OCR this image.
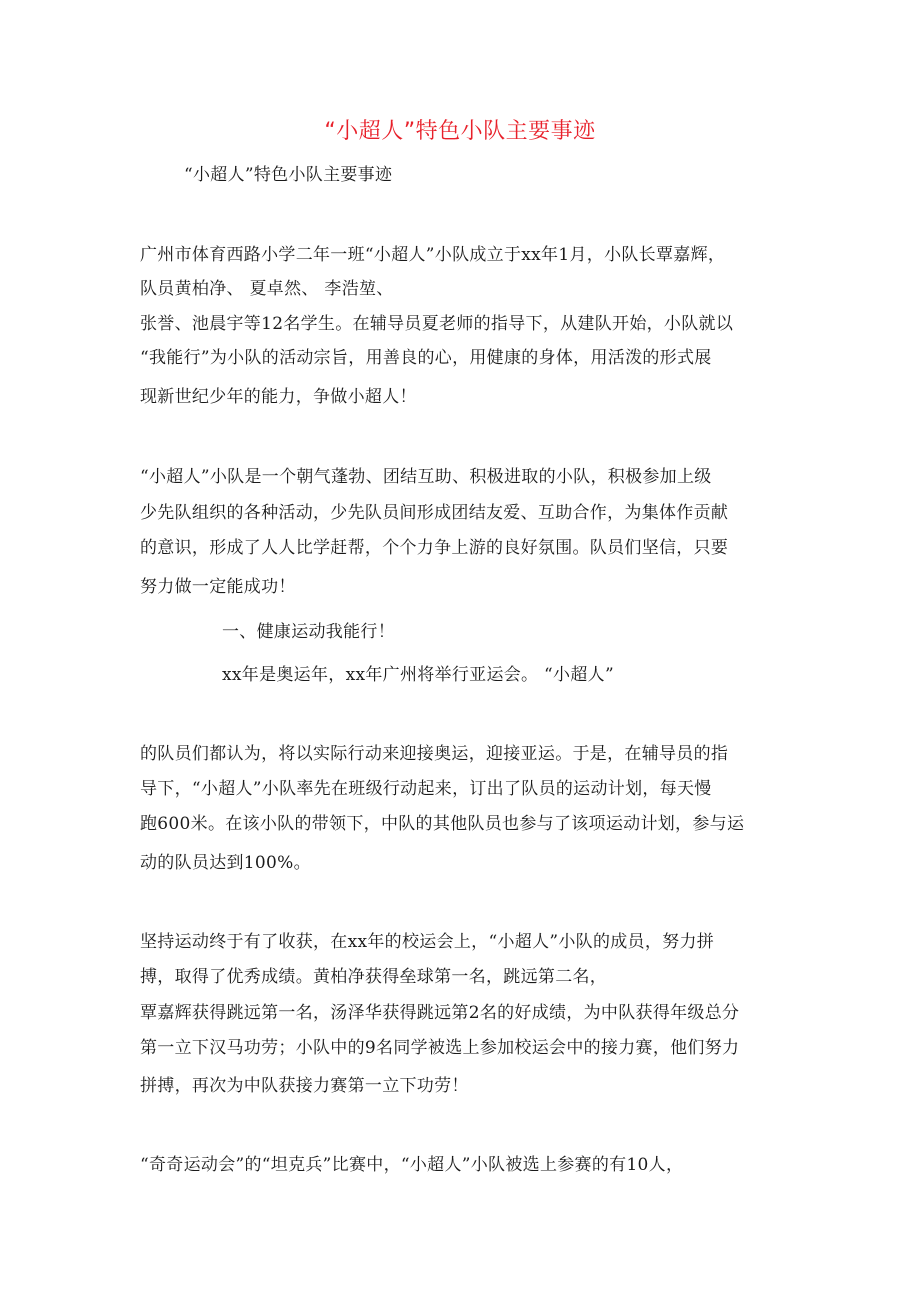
“小超人”特色小队主要事迹
“小超人”特色小队主要事迹
广州市体育西路小学二年一班“小超人”小队成立于xx年1月，小队长覃嘉辉，
队员黄柏净、 夏卓然、 李浩堃、
张誉、池晨宇等12名学生。在辅导员夏老师的指导下，从建队开始，小队就以
“我能行”为小队的活动宗旨，用善良的心，用健康的身体，用活泼的形式展
现新世纪少年的能力，争做小超人！
“小超人”小队是一个朝气蓬勃、团结互助、积极进取的小队，积极参加上级
少先队组织的各种活动，少先队员间形成团结友爱、互助合作，为集体作贡献
的意识，形成了人人比学赶帮，个个力争上游的良好氛围。队员们坚信，只要
努力做一定能成功！
一、健康运动我能行！
xx年是奥运年，xx年广州将举行亚运会。 “小超人”
的队员们都认为，将以实际行动来迎接奥运，迎接亚运。于是，在辅导员的指
导下，“小超人”小队率先在班级行动起来，订出了队员的运动计划，每天慢
跑600米。在该小队的带领下，中队的其他队员也参与了该项运动计划，参与运
动的队员达到100%。
坚持运动终于有了收获，在xx年的校运会上，“小超人”小队的成员，努力拼
搏，取得了优秀成绩。黄柏净获得垒球第一名，跳远第二名，
覃嘉辉获得跳远第一名，汤泽华获得跳远第2名的好成绩，为中队获得年级总分
第一立下汉马功劳；小队中的9名同学被选上参加校运会中的接力赛，他们努力
拼搏，再次为中队获接力赛第一立下功劳！
“奇奇运动会”的“坦克兵”比赛中，“小超人”小队被选上参赛的有10人，
